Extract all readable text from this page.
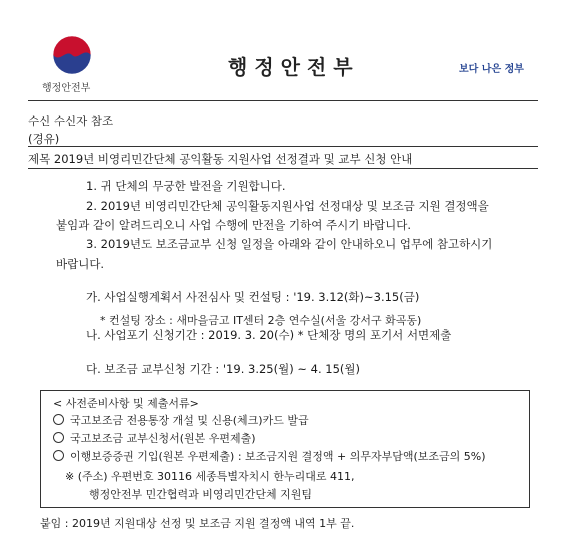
행정안전부
행정안전부	보다 나은 정부
수신 수신자 참조
(경유)
제목 2019년 비영리민간단체 공익활동 지원사업 선정결과 및 교부 신청 안내
1. 귀 단체의 무궁한 발전을 기원합니다.
2. 2019년 비영리민간단체 공익활동지원사업 선정대상 및 보조금 지원 결정액을
붙임과 같이 알려드리오니 사업 수행에 만전을 기하여 주시기 바랍니다.
3. 2019년도 보조금교부 신청 일정을 아래와 같이 안내하오니 업무에 참고하시기
바랍니다.
가. 사업실행계획서 사전심사 및 컨설팅 : '19. 3.12(화)~3.15(금)
* 컨설팅 장소 : 새마을금고 IT센터 2층 연수실(서울 강서구 화곡동)
나. 사업포기 신청기간 : 2019. 3. 20(수) * 단체장 명의 포기서 서면제출
다. 보조금 교부신청 기간 : '19. 3.25(월) ~ 4. 15(월)
< 사전준비사항 및 제출서류>
국고보조금 전용통장 개설 및 신용(체크)카드 발급
국고보조금 교부신청서(원본 우편제출)
이행보증증권 기입(원본 우편제출) : 보조금지원 결정액 + 의무자부담액(보조금의 5%)
※ (주소) 우편번호 30116 세종특별자치시 한누리대로 411,
행정안전부 민간협력과 비영리민간단체 지원팀
붙임 : 2019년 지원대상 선정 및 보조금 지원 결정액 내역 1부 끝.
